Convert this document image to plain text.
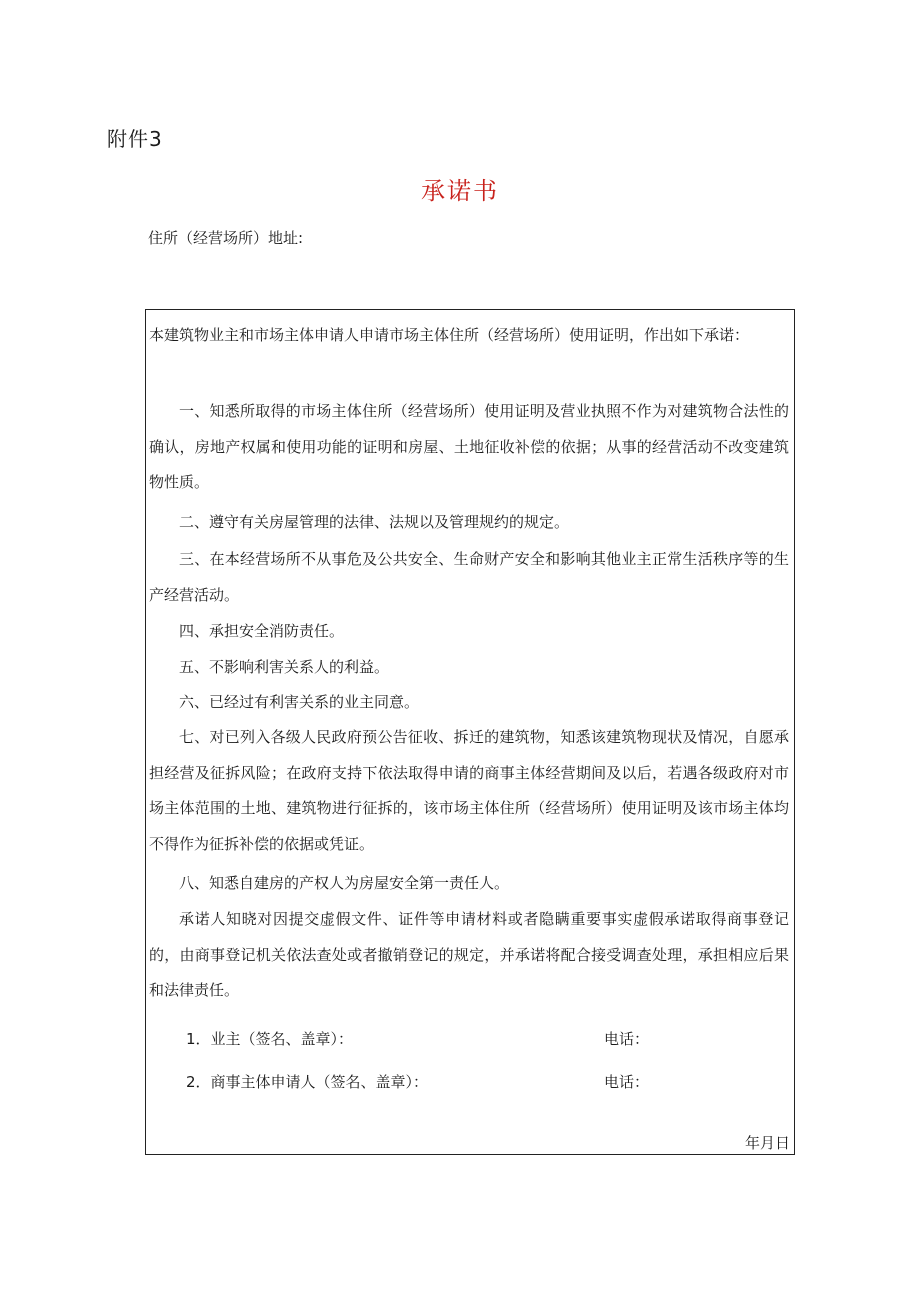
附件3
承诺书
住所（经营场所）地址:

本建筑物业主和市场主体申请人申请市场主体住所（经营场所）使用证明，作出如下承诺：

一、知悉所取得的市场主体住所（经营场所）使用证明及营业执照不作为对建筑物合法性的确认，房地产权属和使用功能的证明和房屋、土地征收补偿的依据；从事的经营活动不改变建筑物性质。

二、遵守有关房屋管理的法律、法规以及管理规约的规定。

三、在本经营场所不从事危及公共安全、生命财产安全和影响其他业主正常生活秩序等的生产经营活动。

四、承担安全消防责任。

五、不影响利害关系人的利益。

六、已经过有利害关系的业主同意。

七、对已列入各级人民政府预公告征收、拆迁的建筑物，知悉该建筑物现状及情况，自愿承担经营及征拆风险；在政府支持下依法取得申请的商事主体经营期间及以后，若遇各级政府对市场主体范围的土地、建筑物进行征拆的，该市场主体住所（经营场所）使用证明及该市场主体均不得作为征拆补偿的依据或凭证。

八、知悉自建房的产权人为房屋安全第一责任人。

承诺人知晓对因提交虚假文件、证件等申请材料或者隐瞒重要事实虚假承诺取得商事登记的，由商事登记机关依法查处或者撤销登记的规定，并承诺将配合接受调查处理，承担相应后果和法律责任。

1．业主（签名、盖章）：	电话：
2．商事主体申请人（签名、盖章）：	电话：
年月日
